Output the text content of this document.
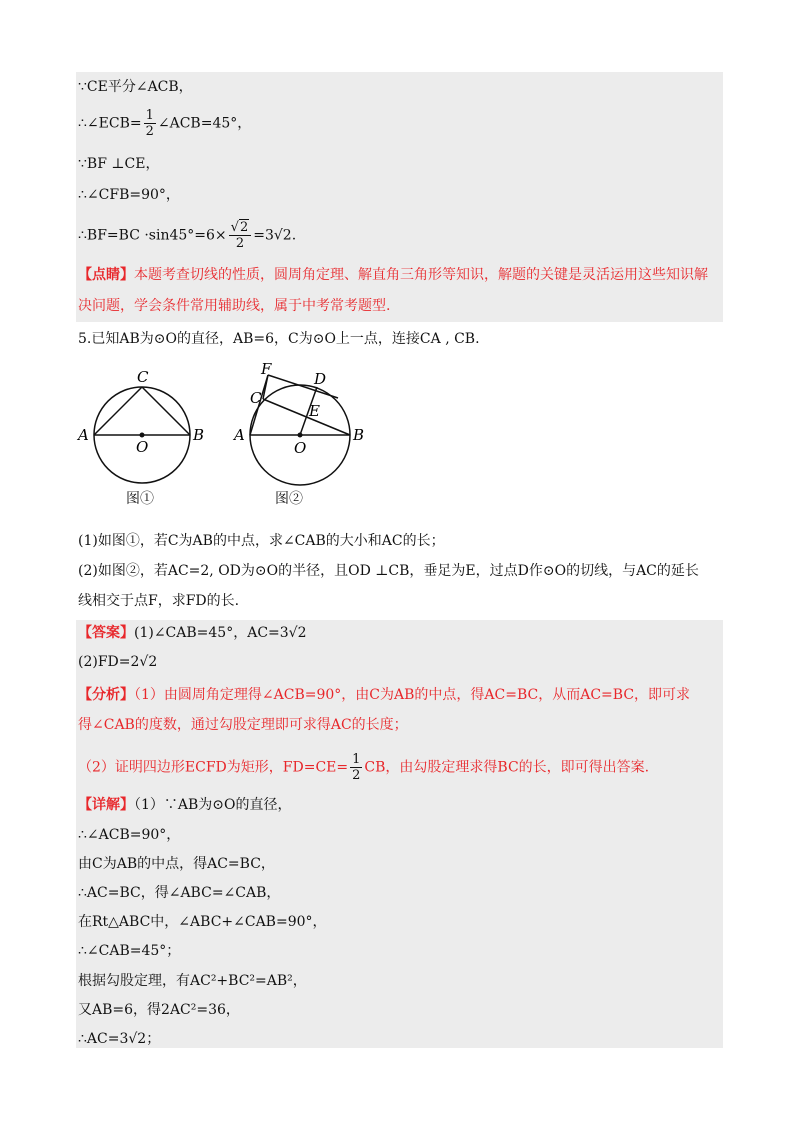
∵CE平分∠ACB，
∴∠ECB= $\frac{1}{2}$ ∠ACB=45°，
∵BF ⊥CE，
∴∠CFB=90°，
∴BF=BC $\cdot\sin 45^\circ=6\times \frac{√2}{2} =3√2$.
【点睛】本题考查切线的性质，圆周角定理、解直角三角形等知识，解题的关键是灵活运用这些知识解
决问题，学会条件常用辅助线，属于中考常考题型.
5.已知AB为⊙O的直径，AB=6，C为⊙O上一点，连接CA , CB.
A	B
C
O
图①
A	B
C
O
D
E
F
图②
(1)如图①，若C为AB的中点，求∠CAB的大小和AC的长；
(2)如图②，若AC=2, OD为⊙O的半径，且OD ⊥CB，垂足为E，过点D作⊙O的切线，与AC的延长
线相交于点F，求FD的长.
【答案】(1)∠CAB=45°，AC=3√2
(2)FD=2√2
【分析】（1）由圆周角定理得∠ACB=90°，由C为AB的中点，得AC=BC，从而AC=BC，即可求
得∠CAB的度数，通过勾股定理即可求得AC的长度；
（2）证明四边形ECFD为矩形，$FD=CE= \frac{1}{2}$ CB，由勾股定理求得BC的长，即可得出答案.
【详解】（1）∵AB为⊙O的直径，
∴∠ACB=90°，
由C为AB的中点，得AC=BC，
∴AC=BC，得∠ABC=∠CAB，
在Rt△ABC中，∠ABC+∠CAB=90°，
∴∠CAB=45°；
根据勾股定理，有AC²+BC²=AB²，
又AB=6，得2AC²=36，
∴AC=3√2；
